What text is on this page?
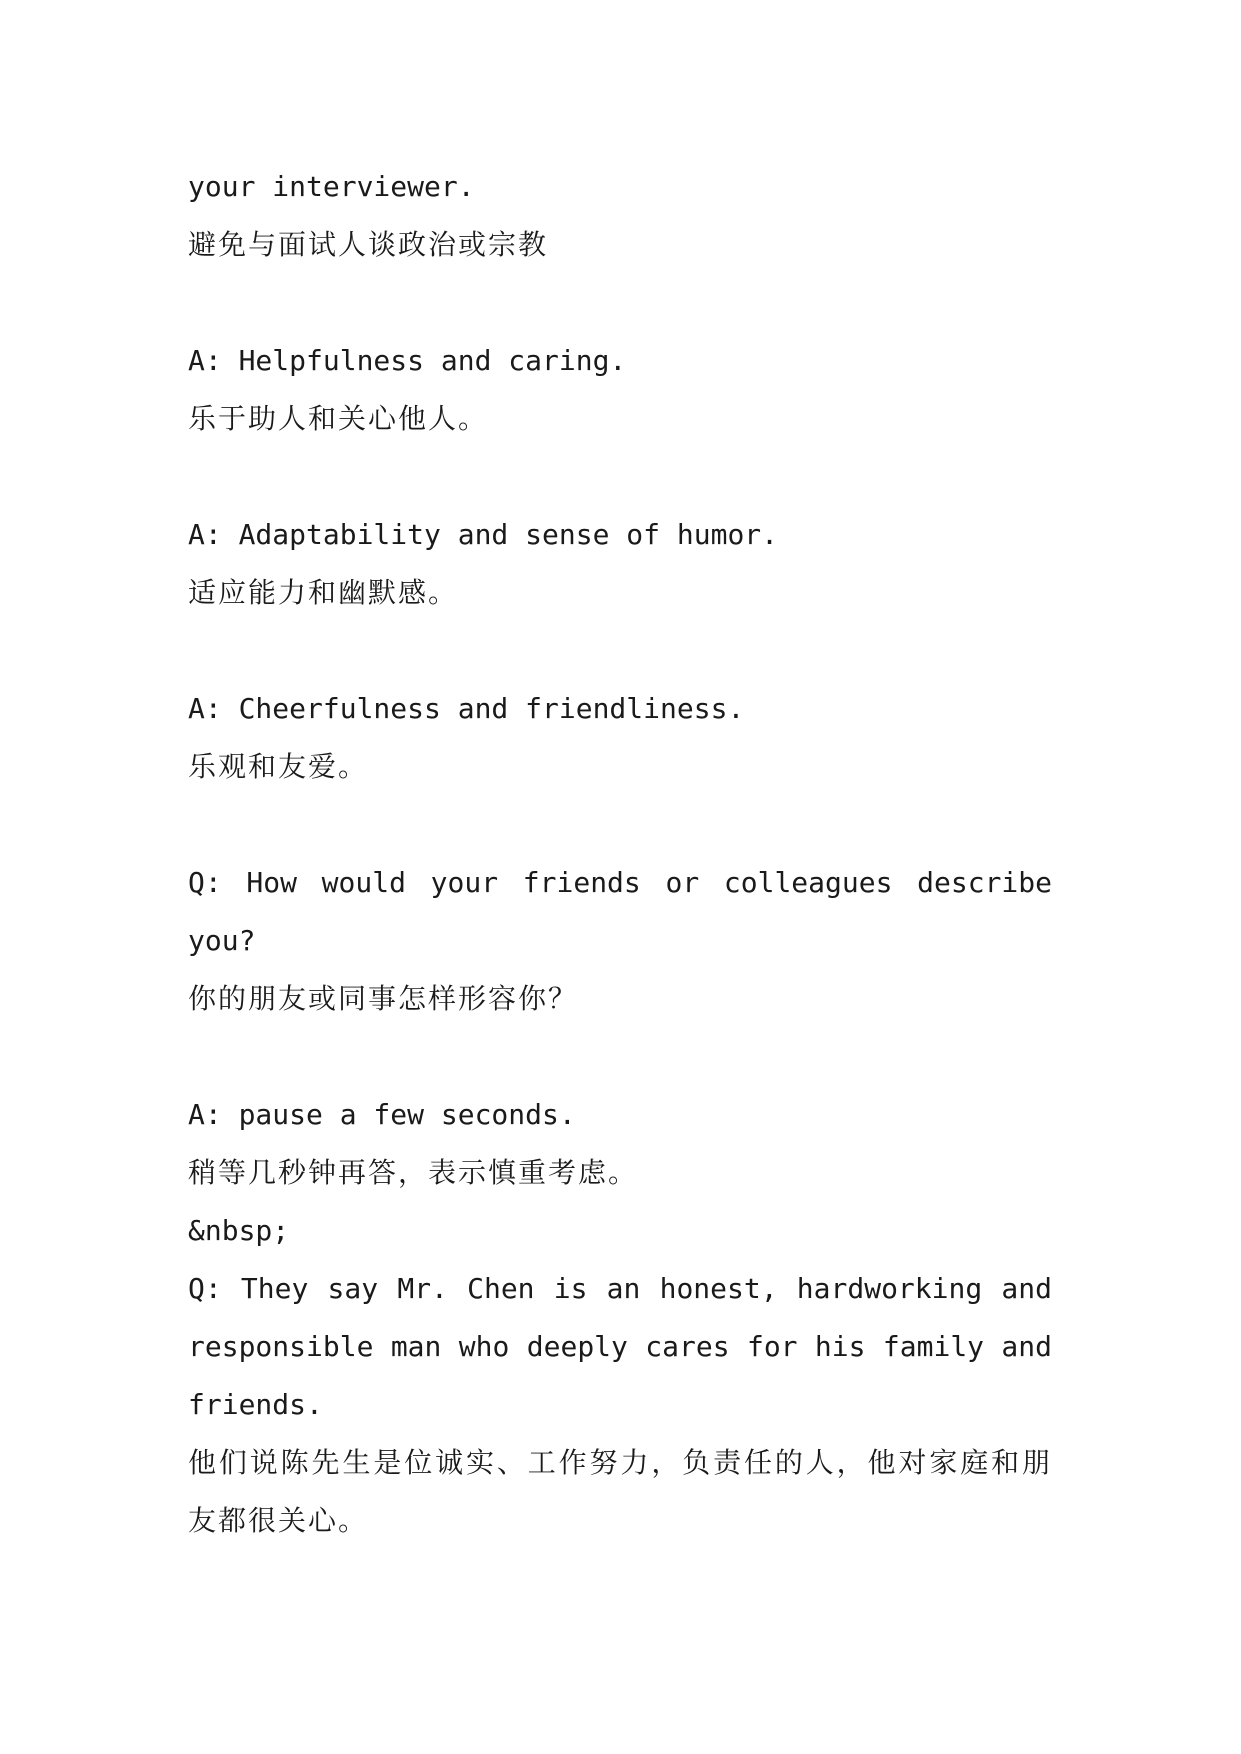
your interviewer.
避免与面试人谈政治或宗教
A: Helpfulness and caring.
乐于助人和关心他人。
A: Adaptability and sense of humor.
适应能力和幽默感。
A: Cheerfulness and friendliness.
乐观和友爱。
Q: How would your friends or colleagues describe you?
你的朋友或同事怎样形容你？
A: pause a few seconds.
稍等几秒钟再答，表示慎重考虑。
&nbsp;
Q: They say Mr. Chen is an honest, hardworking and responsible man who deeply cares for his family and friends.
他们说陈先生是位诚实、工作努力，负责任的人，他对家庭和朋友都很关心。
